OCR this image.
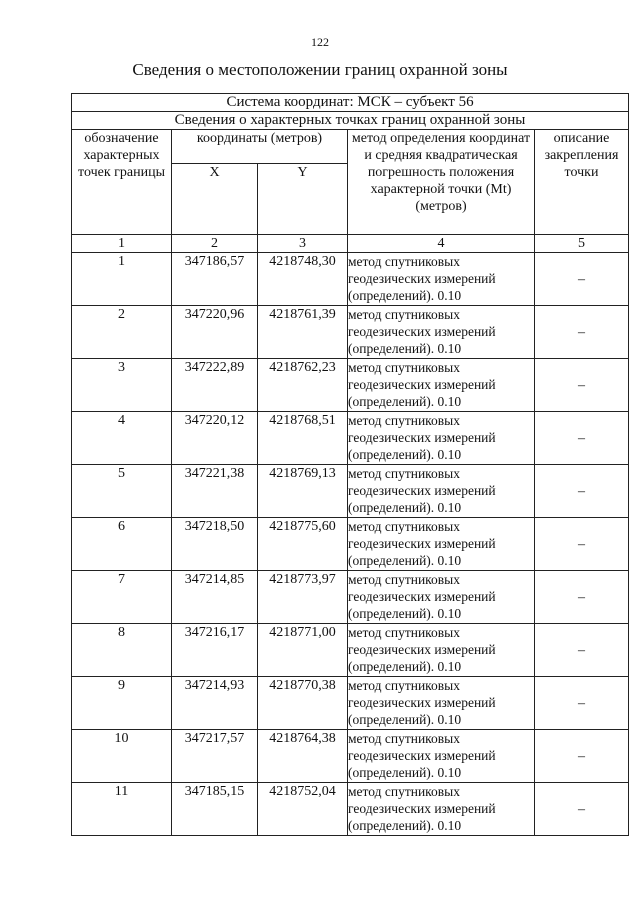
122
Сведения о местоположении границ охранной зоны
Система координат: МСК – субъект 56				
Сведения о характерных точках границ охранной зоны				
обозначение характерных точек границы	координаты (метров)		метод определения координат и средняя квадратическая погрешность положения характерной точки (Mt) (метров)	описание закрепления точки
	X	Y		
1	2	3	4	5
1	347186,57	4218748,30	метод спутниковых геодезических измерений (определений). 0.10	–
2	347220,96	4218761,39	метод спутниковых геодезических измерений (определений). 0.10	–
3	347222,89	4218762,23	метод спутниковых геодезических измерений (определений). 0.10	–
4	347220,12	4218768,51	метод спутниковых геодезических измерений (определений). 0.10	–
5	347221,38	4218769,13	метод спутниковых геодезических измерений (определений). 0.10	–
6	347218,50	4218775,60	метод спутниковых геодезических измерений (определений). 0.10	–
7	347214,85	4218773,97	метод спутниковых геодезических измерений (определений). 0.10	–
8	347216,17	4218771,00	метод спутниковых геодезических измерений (определений). 0.10	–
9	347214,93	4218770,38	метод спутниковых геодезических измерений (определений). 0.10	–
10	347217,57	4218764,38	метод спутниковых геодезических измерений (определений). 0.10	–
11	347185,15	4218752,04	метод спутниковых геодезических измерений (определений). 0.10	–
